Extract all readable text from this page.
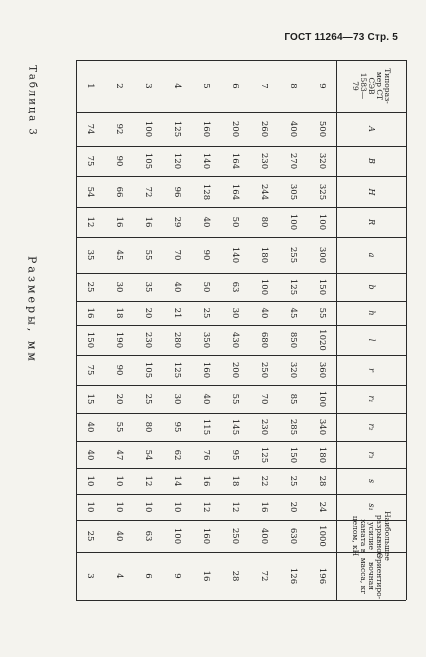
ГОСТ 11264—73 Стр. 5
Таблица 3
Размеры, мм
Типораз-
мер СТ
СЭВ 1583—79
A
B
H
R
a
b
h
l
r
r₁
r₂
r₃
s
s₁
Наибольшее
разрывное
усилие
каната в
целом, кН
Ориентиро-
вочная
масса, кг
1
74
75
54
12
35
25
16
150
75
15
40
40
10
10
25
3
2
92
90
66
16
45
30
18
190
90
20
55
47
10
10
40
4
3
100
105
72
16
55
35
20
230
105
25
80
54
12
10
63
6
4
125
120
96
29
70
40
21
280
125
30
95
62
14
10
100
9
5
160
140
128
40
90
50
25
350
160
40
115
76
16
12
160
16
6
200
164
164
50
140
63
30
430
200
55
145
95
18
12
250
28
7
260
230
244
80
180
100
40
680
250
70
230
125
22
16
400
72
8
400
270
305
100
255
125
45
850
320
85
285
150
25
20
630
126
9
500
320
325
100
300
150
55
1020
360
100
340
180
28
24
1000
196
